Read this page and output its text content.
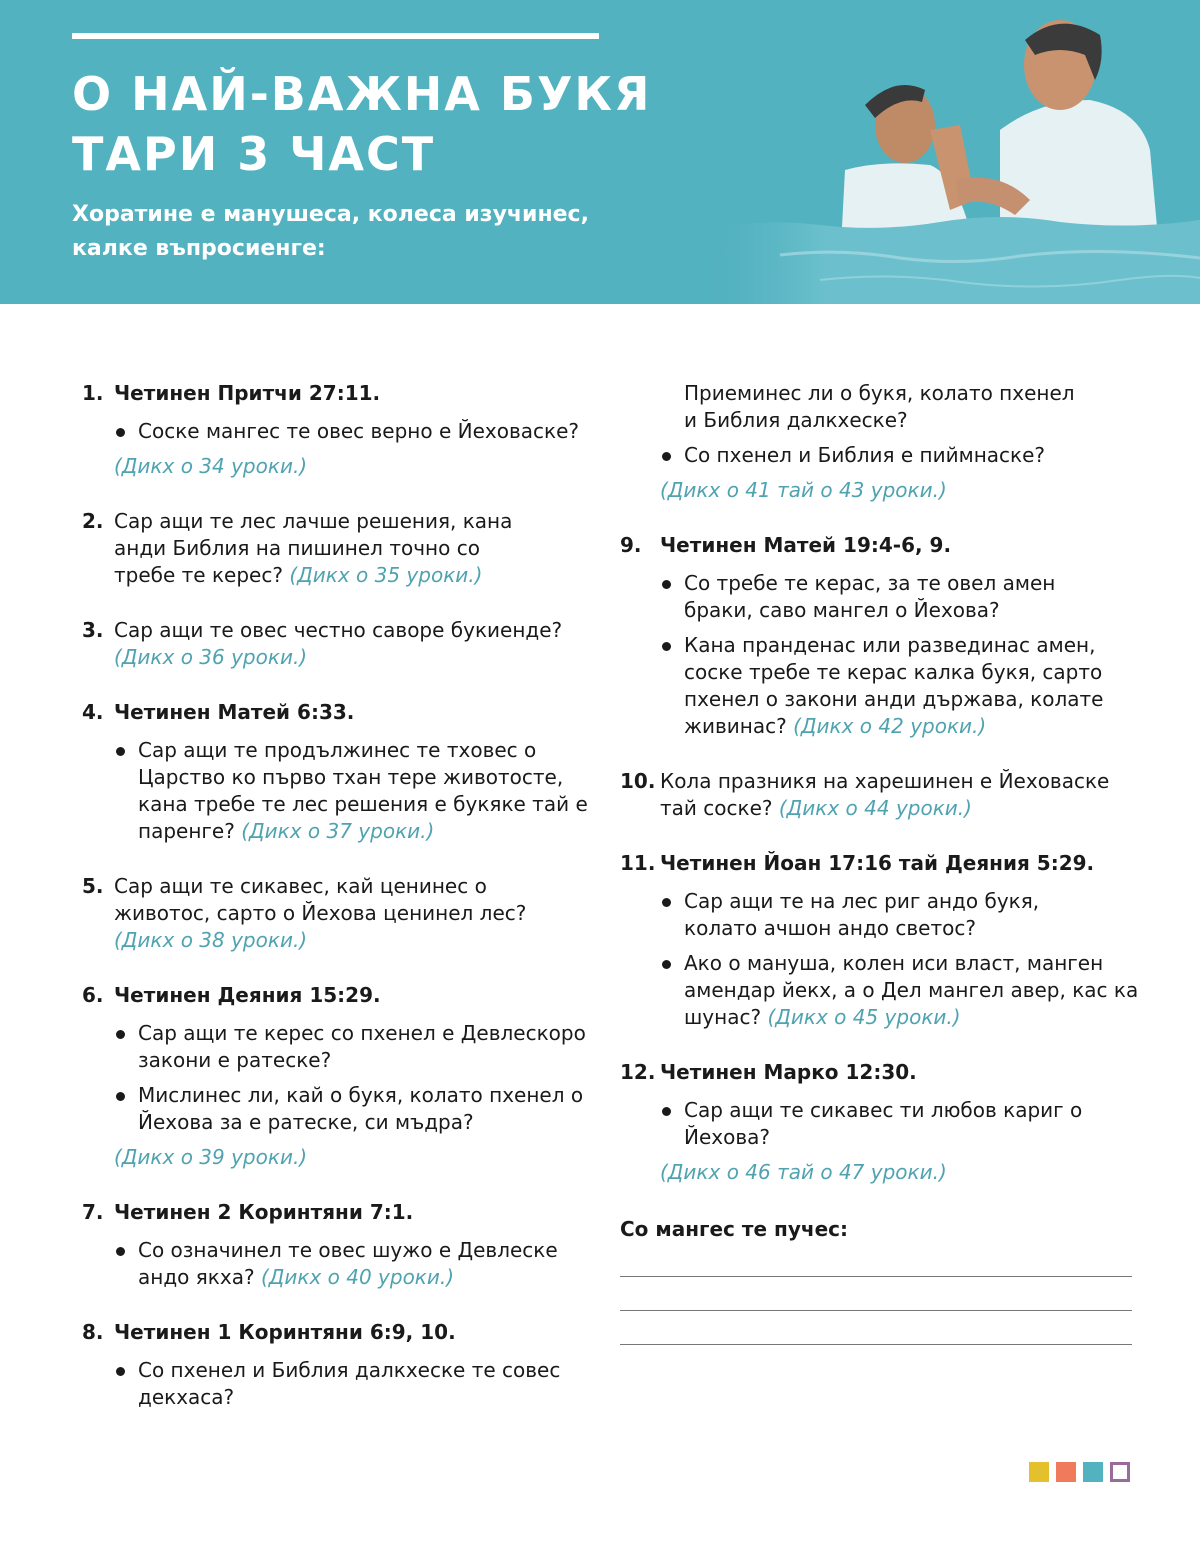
О НАЙ-ВАЖНА БУКЯ
ТАРИ 3 ЧАСТ

Хоратине е манушеса, колеса изучинес, калке въпросиенге:

1. Четинен Притчи 27:11.
Соске мангес те овес верно е Йеховаске?
(Дикх о 34 уроки.)
2. Сар ащи те лес лачше решения, кана анди Библия на пишинел точно со требе те керес? (Дикх о 35 уроки.)
3. Сар ащи те овес честно саворе букиенде?
(Дикх о 36 уроки.)
4. Четинен Матей 6:33.
Сар ащи те продължинес те тховес о Царство ко първо тхан тере животосте, кана требе те лес решения е букяке тай е паренге? (Дикх о 37 уроки.)
5. Сар ащи те сикавес, кай ценинес о животос, сарто о Йехова ценинел лес?
(Дикх о 38 уроки.)
6. Четинен Деяния 15:29.
Сар ащи те керес со пхенел е Девлескоро закони е ратеске?
Мислинес ли, кай о букя, колато пхенел о Йехова за е ратеске, си мъдра?
(Дикх о 39 уроки.)
7. Четинен 2 Коринтяни 7:1.
Со означинел те овес шужо е Девлеске андо якха? (Дикх о 40 уроки.)
8. Четинен 1 Коринтяни 6:9, 10.
Со пхенел и Библия далкхеске те совес декхаса?
Приеминес ли о букя, колато пхенел и Библия далкхеске?
Со пхенел и Библия е пиймнаске?
(Дикх о 41 тай о 43 уроки.)
9. Четинен Матей 19:4-6, 9.
Со требе те керас, за те овел амен браки, саво мангел о Йехова?
Кана пранденас или развединас амен, соске требе те керас калка букя, сарто пхенел о закони анди държава, колате живинас? (Дикх о 42 уроки.)
10. Кола празникя на харешинен е Йеховаске тай соске? (Дикх о 44 уроки.)
11. Четинен Йоан 17:16 тай Деяния 5:29.
Сар ащи те на лес риг андо букя, колато ачшон андо светос?
Ако о мануша, колен иси власт, манген амендар йекх, а о Дел мангел авер, кас ка шунас? (Дикх о 45 уроки.)
12. Четинен Марко 12:30.
Сар ащи те сикавес ти любов кариг о Йехова?
(Дикх о 46 тай о 47 уроки.)
Со мангес те пучес:
